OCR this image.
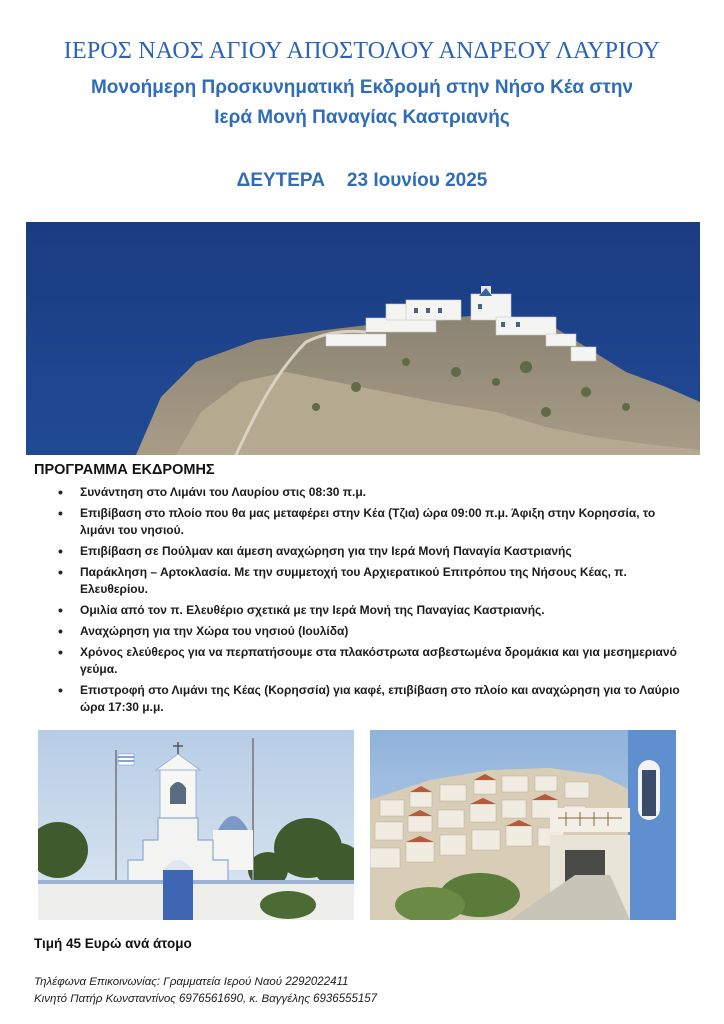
ΙΕΡΟΣ ΝΑΟΣ ΑΓΙΟΥ ΑΠΟΣΤΟΛΟΥ ΑΝΔΡΕΟΥ ΛΑΥΡΙΟΥ
Μονοήμερη Προσκυνηματική Εκδρομή στην Νήσο Κέα στην
Ιερά Μονή Παναγίας Καστριανής
ΔΕΥΤΕΡΑ 23 Ιουνίου 2025
ΠΡΟΓΡΑΜΜΑ ΕΚΔΡΟΜΗΣ
• Συνάντηση στο Λιμάνι του Λαυρίου στις 08:30 π.μ.
• Επιβίβαση στο πλοίο που θα μας μεταφέρει στην Κέα (Τζια) ώρα 09:00 π.μ. Άφιξη στην Κορησσία, το λιμάνι του νησιού.
• Επιβίβαση σε Πούλμαν και άμεση αναχώρηση για την Ιερά Μονή Παναγία Καστριανής
• Παράκληση – Αρτοκλασία. Με την συμμετοχή του Αρχιερατικού Επιτρόπου της Νήσους Κέας, π. Ελευθερίου.
• Ομιλία από τον π. Ελευθέριο σχετικά με την Ιερά Μονή της Παναγίας Καστριανής.
• Αναχώρηση για την Χώρα του νησιού (Ιουλίδα)
• Χρόνος ελεύθερος για να περπατήσουμε στα πλακόστρωτα ασβεστωμένα δρομάκια και για μεσημεριανό γεύμα.
• Επιστροφή στο Λιμάνι της Κέας (Κορησσία) για καφέ, επιβίβαση στο πλοίο και αναχώρηση για το Λαύριο ώρα 17:30 μ.μ.
Τιμή 45 Ευρώ ανά άτομο
Τηλέφωνα Επικοινωνίας: Γραμματεία Ιερού Ναού 2292022411
Κινητό Πατήρ Κωνσταντίνος 6976561690, κ. Βαγγέλης 6936555157
